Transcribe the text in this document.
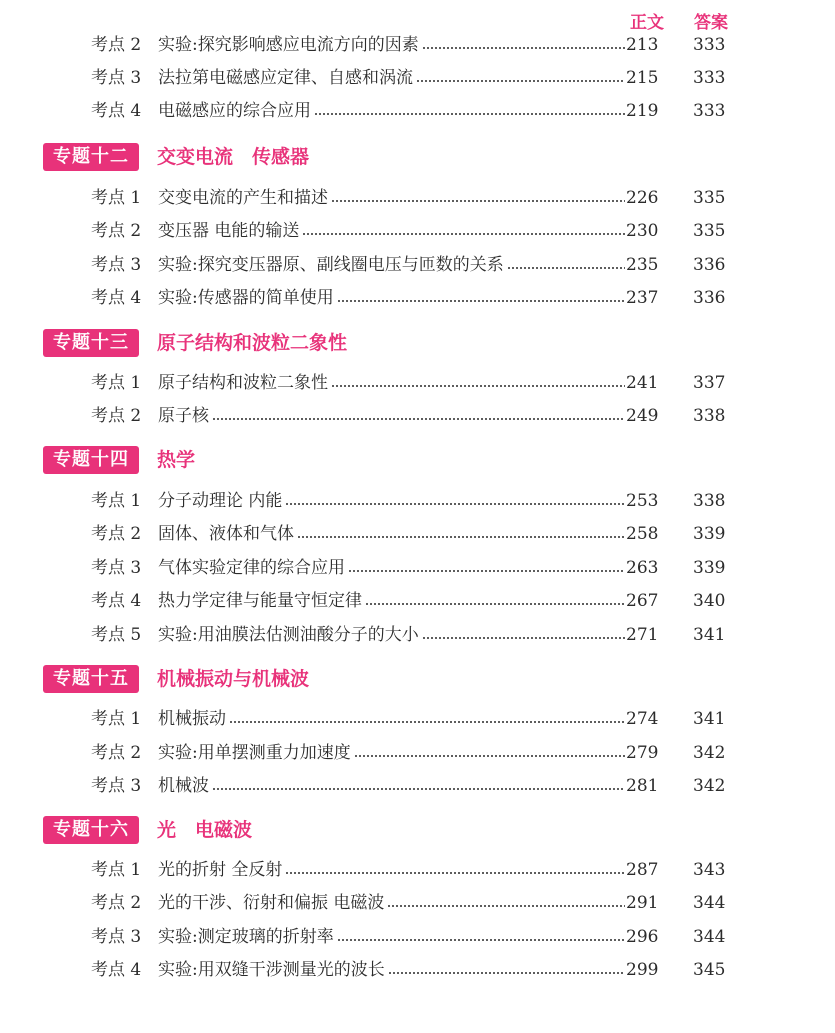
正文 答案
考点 2 实验:探究影响感应电流方向的因素	213 333
考点 3 法拉第电磁感应定律、自感和涡流	215 333
考点 4 电磁感应的综合应用	219 333
专题十二	交变电流　传感器
考点 1 交变电流的产生和描述	226 335
考点 2 变压器 电能的输送	230 335
考点 3 实验:探究变压器原、副线圈电压与匝数的关系	235 336
考点 4 实验:传感器的简单使用	237 336
专题十三	原子结构和波粒二象性
考点 1 原子结构和波粒二象性	241 337
考点 2 原子核	249 338
专题十四	热学
考点 1 分子动理论 内能	253 338
考点 2 固体、液体和气体	258 339
考点 3 气体实验定律的综合应用	263 339
考点 4 热力学定律与能量守恒定律	267 340
考点 5 实验:用油膜法估测油酸分子的大小	271 341
专题十五	机械振动与机械波
考点 1 机械振动	274 341
考点 2 实验:用单摆测重力加速度	279 342
考点 3 机械波	281 342
专题十六	光　电磁波
考点 1 光的折射 全反射	287 343
考点 2 光的干涉、衍射和偏振 电磁波	291 344
考点 3 实验:测定玻璃的折射率	296 344
考点 4 实验:用双缝干涉测量光的波长	299 345
